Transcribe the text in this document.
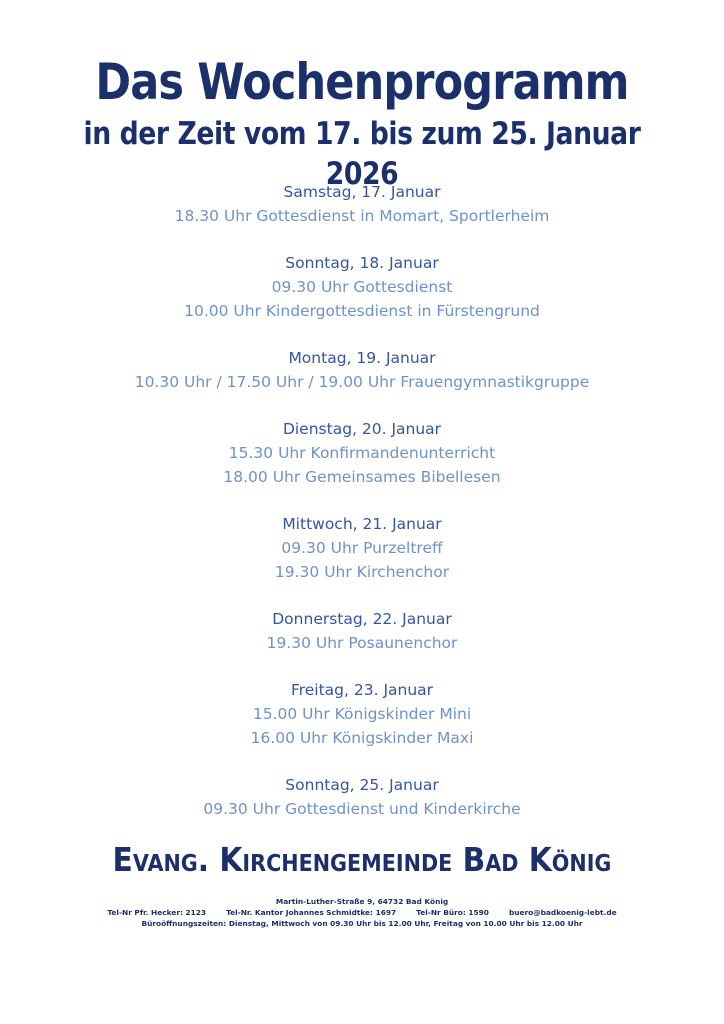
Das Wochenprogramm
in der Zeit vom 17. bis zum 25. Januar 2026
Samstag, 17. Januar
18.30 Uhr Gottesdienst in Momart, Sportlerheim
Sonntag, 18. Januar
09.30 Uhr Gottesdienst
10.00 Uhr Kindergottesdienst in Fürstengrund
Montag, 19. Januar
10.30 Uhr / 17.50 Uhr / 19.00 Uhr Frauengymnastikgruppe
Dienstag, 20. Januar
15.30 Uhr Konfirmandenunterricht
18.00 Uhr Gemeinsames Bibellesen
Mittwoch, 21. Januar
09.30 Uhr Purzeltreff
19.30 Uhr Kirchenchor
Donnerstag, 22. Januar
19.30 Uhr Posaunenchor
Freitag, 23. Januar
15.00 Uhr Königskinder Mini
16.00 Uhr Königskinder Maxi
Sonntag, 25. Januar
09.30 Uhr Gottesdienst und Kinderkirche
Evang. Kirchengemeinde Bad König
Martin-Luther-Straße 9, 64732 Bad König
Tel-Nr Pfr. Hecker: 2123	Tel-Nr. Kantor Johannes Schmidtke: 1697	Tel-Nr Büro: 1590	buero@badkoenig-lebt.de
Büroöffnungszeiten: Dienstag, Mittwoch von 09.30 Uhr bis 12.00 Uhr, Freitag von 10.00 Uhr bis 12.00 Uhr
